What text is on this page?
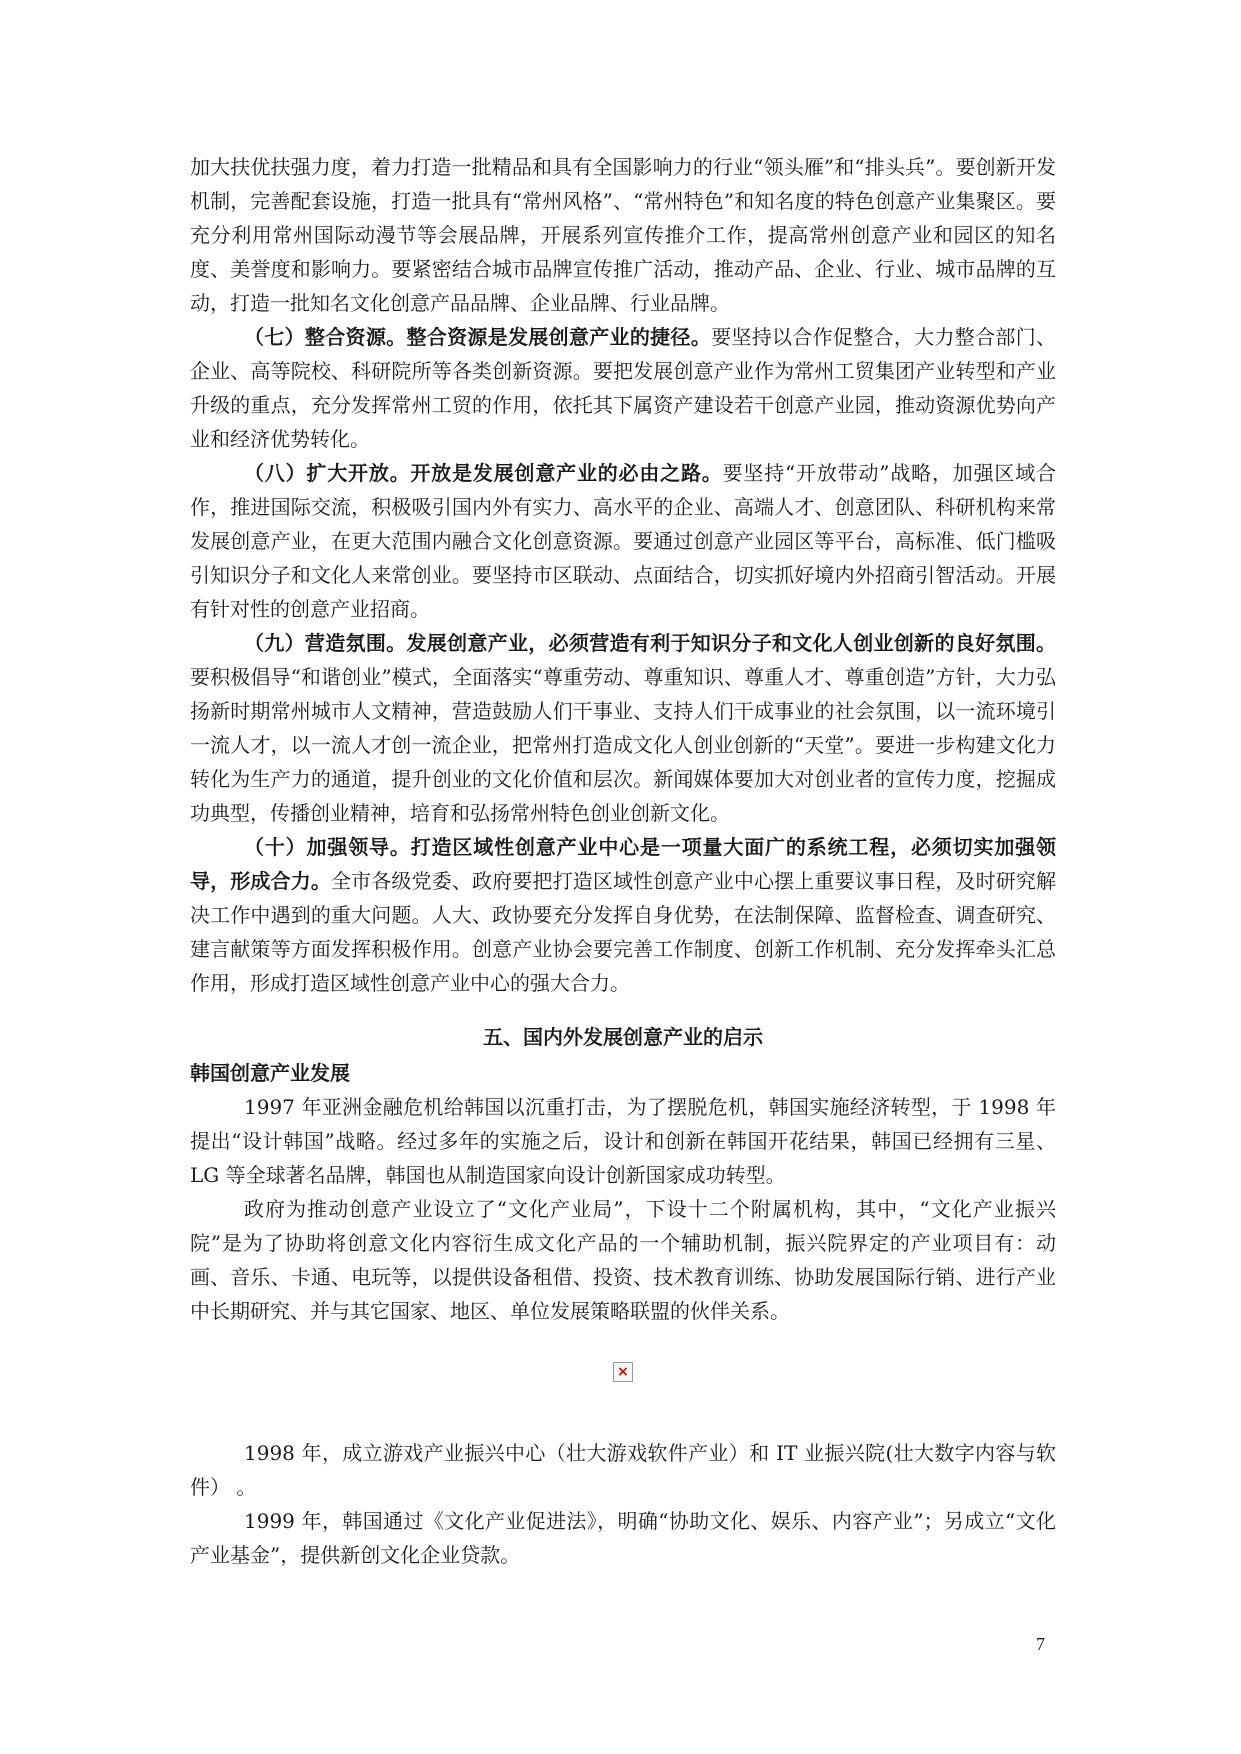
加大扶优扶强力度，着力打造一批精品和具有全国影响力的行业“领头雁”和“排头兵”。要创新开发机制，完善配套设施，打造一批具有“常州风格”、“常州特色”和知名度的特色创意产业集聚区。要充分利用常州国际动漫节等会展品牌，开展系列宣传推介工作，提高常州创意产业和园区的知名度、美誉度和影响力。要紧密结合城市品牌宣传推广活动，推动产品、企业、行业、城市品牌的互动，打造一批知名文化创意产品品牌、企业品牌、行业品牌。

（七）整合资源。整合资源是发展创意产业的捷径。要坚持以合作促整合，大力整合部门、企业、高等院校、科研院所等各类创新资源。要把发展创意产业作为常州工贸集团产业转型和产业升级的重点，充分发挥常州工贸的作用，依托其下属资产建设若干创意产业园，推动资源优势向产业和经济优势转化。

（八）扩大开放。开放是发展创意产业的必由之路。要坚持“开放带动”战略，加强区域合作，推进国际交流，积极吸引国内外有实力、高水平的企业、高端人才、创意团队、科研机构来常发展创意产业，在更大范围内融合文化创意资源。要通过创意产业园区等平台，高标准、低门槛吸引知识分子和文化人来常创业。要坚持市区联动、点面结合，切实抓好境内外招商引智活动。开展有针对性的创意产业招商。

（九）营造氛围。发展创意产业，必须营造有利于知识分子和文化人创业创新的良好氛围。要积极倡导“和谐创业”模式，全面落实“尊重劳动、尊重知识、尊重人才、尊重创造”方针，大力弘扬新时期常州城市人文精神，营造鼓励人们干事业、支持人们干成事业的社会氛围，以一流环境引一流人才，以一流人才创一流企业，把常州打造成文化人创业创新的“天堂”。要进一步构建文化力转化为生产力的通道，提升创业的文化价值和层次。新闻媒体要加大对创业者的宣传力度，挖掘成功典型，传播创业精神，培育和弘扬常州特色创业创新文化。

（十）加强领导。打造区域性创意产业中心是一项量大面广的系统工程，必须切实加强领导，形成合力。全市各级党委、政府要把打造区域性创意产业中心摆上重要议事日程，及时研究解决工作中遇到的重大问题。人大、政协要充分发挥自身优势，在法制保障、监督检查、调查研究、建言献策等方面发挥积极作用。创意产业协会要完善工作制度、创新工作机制、充分发挥牵头汇总作用，形成打造区域性创意产业中心的强大合力。

五、国内外发展创意产业的启示

韩国创意产业发展

1997 年亚洲金融危机给韩国以沉重打击，为了摆脱危机，韩国实施经济转型，于 1998 年提出“设计韩国”战略。经过多年的实施之后，设计和创新在韩国开花结果，韩国已经拥有三星、LG 等全球著名品牌，韩国也从制造国家向设计创新国家成功转型。

政府为推动创意产业设立了“文化产业局”，下设十二个附属机构，其中，“文化产业振兴院”是为了协助将创意文化内容衍生成文化产品的一个辅助机制，振兴院界定的产业项目有：动画、音乐、卡通、电玩等，以提供设备租借、投资、技术教育训练、协助发展国际行销、进行产业中长期研究、并与其它国家、地区、单位发展策略联盟的伙伴关系。

×

1998 年，成立游戏产业振兴中心（壮大游戏软件产业）和 IT 业振兴院(壮大数字内容与软件） 。

1999 年，韩国通过《文化产业促进法》，明确“协助文化、娱乐、内容产业”；另成立“文化产业基金”，提供新创文化企业贷款。

7
